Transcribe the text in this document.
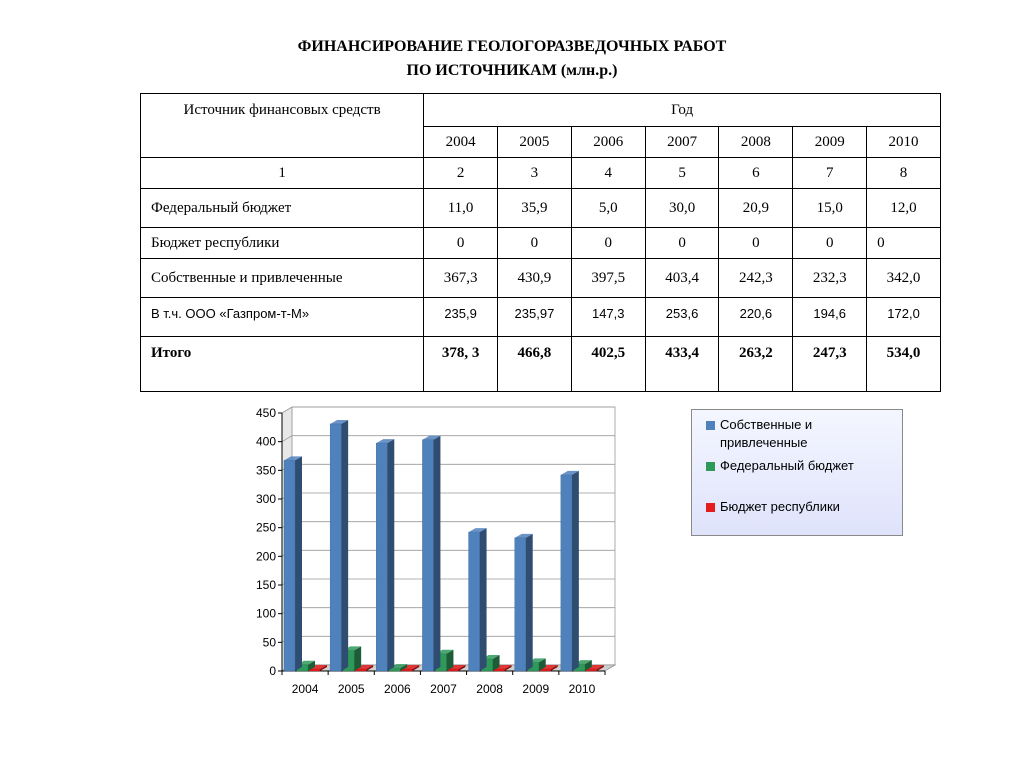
ФИНАНСИРОВАНИЕ ГЕОЛОГОРАЗВЕДОЧНЫХ РАБОТ
ПО ИСТОЧНИКАМ (млн.р.)
Источник финансовых средств	Год						
	2004	2005	2006	2007	2008	2009	2010
1	2	3	4	5	6	7	8
Федеральный бюджет	11,0	35,9	5,0	30,0	20,9	15,0	12,0
Бюджет республики	0	0	0	0	0	0	0
Собственные и привлеченные	367,3	430,9	397,5	403,4	242,3	232,3	342,0
В т.ч. ООО «Газпром-т-М»	235,9	235,97	147,3	253,6	220,6	194,6	172,0
Итого	378, 3	466,8	402,5	433,4	263,2	247,3	534,0
0
50
100
150
200
250
300
350
400
450
2004 2005 2006 2007 2008 2009 2010
Собственные и привлеченные
Федеральный бюджет
Бюджет республики
